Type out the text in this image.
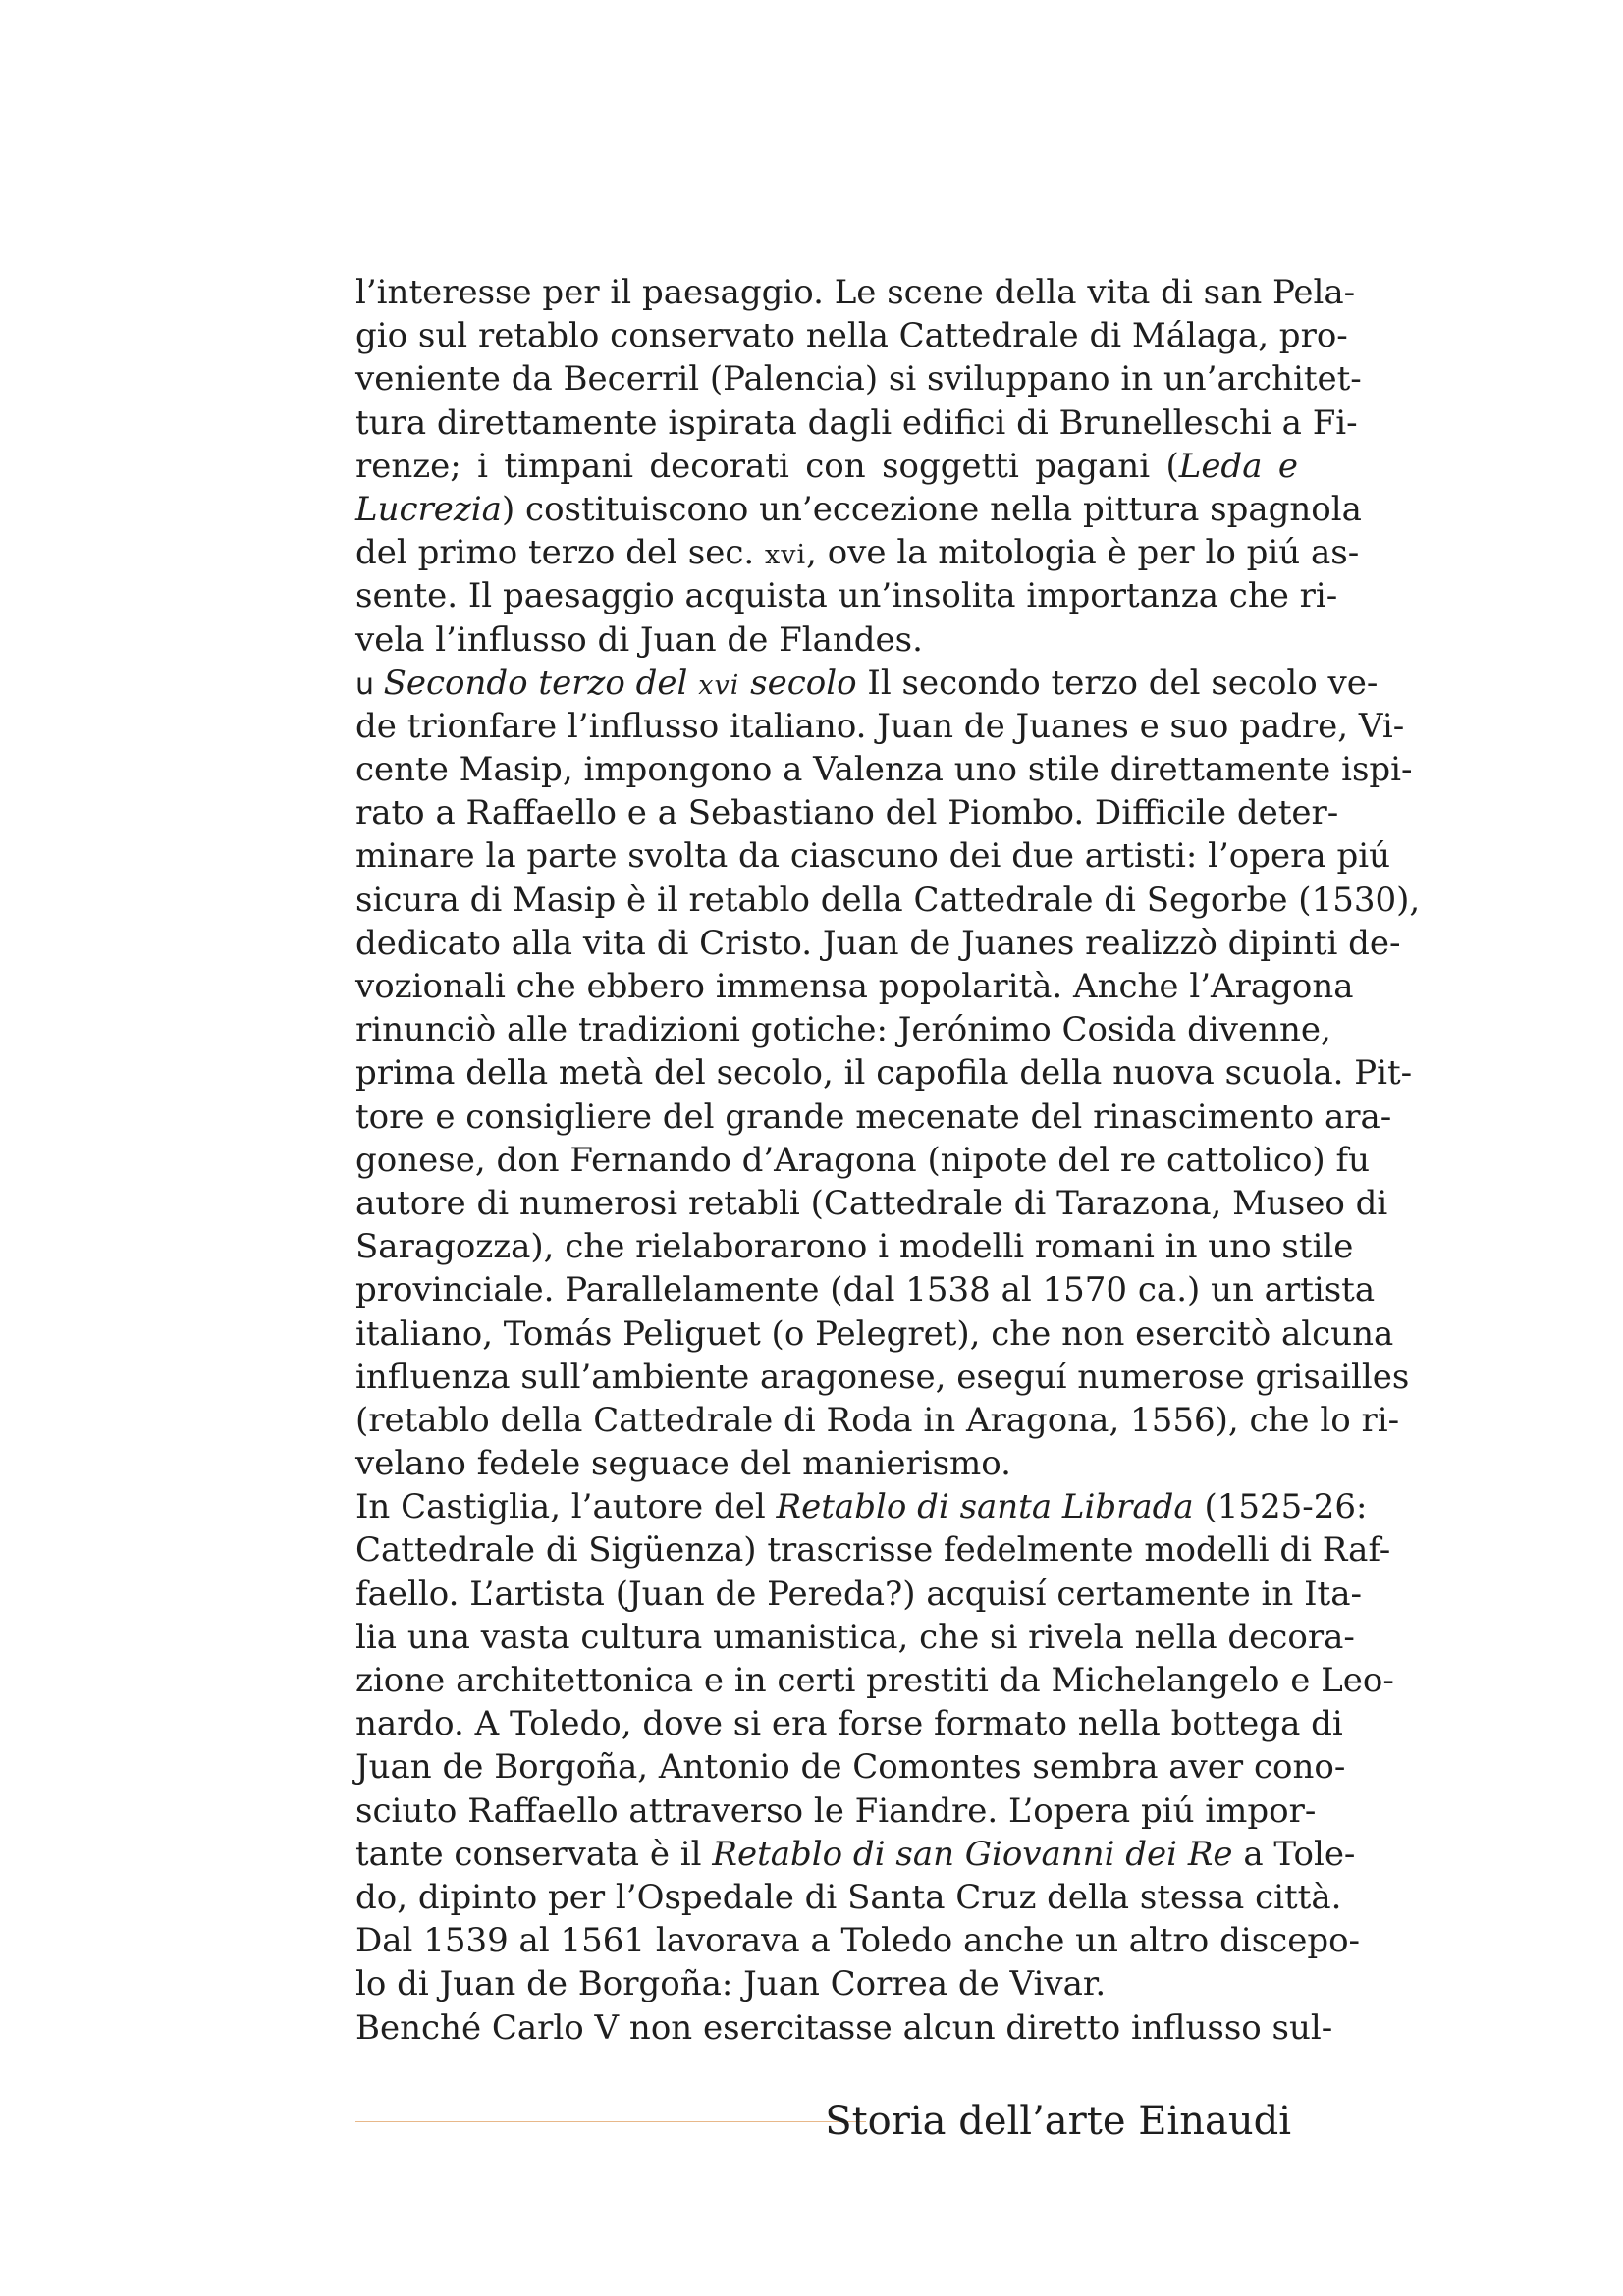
l’interesse per il paesaggio. Le scene della vita di san Pela-
gio sul retablo conservato nella Cattedrale di Málaga, pro-
veniente da Becerril (Palencia) si sviluppano in un’architet-
tura direttamente ispirata dagli edifici di Brunelleschi a Fi-
renze; i timpani decorati con soggetti pagani (Leda e
Lucrezia) costituiscono un’eccezione nella pittura spagnola
del primo terzo del sec. xvi, ove la mitologia è per lo piú as-
sente. Il paesaggio acquista un’insolita importanza che ri-
vela l’influsso di Juan de Flandes.
u Secondo terzo del xvi secolo Il secondo terzo del secolo ve-
de trionfare l’influsso italiano. Juan de Juanes e suo padre, Vi-
cente Masip, impongono a Valenza uno stile direttamente ispi-
rato a Raffaello e a Sebastiano del Piombo. Difficile deter-
minare la parte svolta da ciascuno dei due artisti: l’opera piú
sicura di Masip è il retablo della Cattedrale di Segorbe (1530),
dedicato alla vita di Cristo. Juan de Juanes realizzò dipinti de-
vozionali che ebbero immensa popolarità. Anche l’Aragona
rinunciò alle tradizioni gotiche: Jerónimo Cosida divenne,
prima della metà del secolo, il capofila della nuova scuola. Pit-
tore e consigliere del grande mecenate del rinascimento ara-
gonese, don Fernando d’Aragona (nipote del re cattolico) fu
autore di numerosi retabli (Cattedrale di Tarazona, Museo di
Saragozza), che rielaborarono i modelli romani in uno stile
provinciale. Parallelamente (dal 1538 al 1570 ca.) un artista
italiano, Tomás Peliguet (o Pelegret), che non esercitò alcuna
influenza sull’ambiente aragonese, eseguí numerose grisailles
(retablo della Cattedrale di Roda in Aragona, 1556), che lo ri-
velano fedele seguace del manierismo.
In Castiglia, l’autore del Retablo di santa Librada (1525-26:
Cattedrale di Sigüenza) trascrisse fedelmente modelli di Raf-
faello. L’artista (Juan de Pereda?) acquisí certamente in Ita-
lia una vasta cultura umanistica, che si rivela nella decora-
zione architettonica e in certi prestiti da Michelangelo e Leo-
nardo. A Toledo, dove si era forse formato nella bottega di
Juan de Borgoña, Antonio de Comontes sembra aver cono-
sciuto Raffaello attraverso le Fiandre. L’opera piú impor-
tante conservata è il Retablo di san Giovanni dei Re a Tole-
do, dipinto per l’Ospedale di Santa Cruz della stessa città.
Dal 1539 al 1561 lavorava a Toledo anche un altro discepo-
lo di Juan de Borgoña: Juan Correa de Vivar.
Benché Carlo V non esercitasse alcun diretto influsso sul-
Storia dell’arte Einaudi
